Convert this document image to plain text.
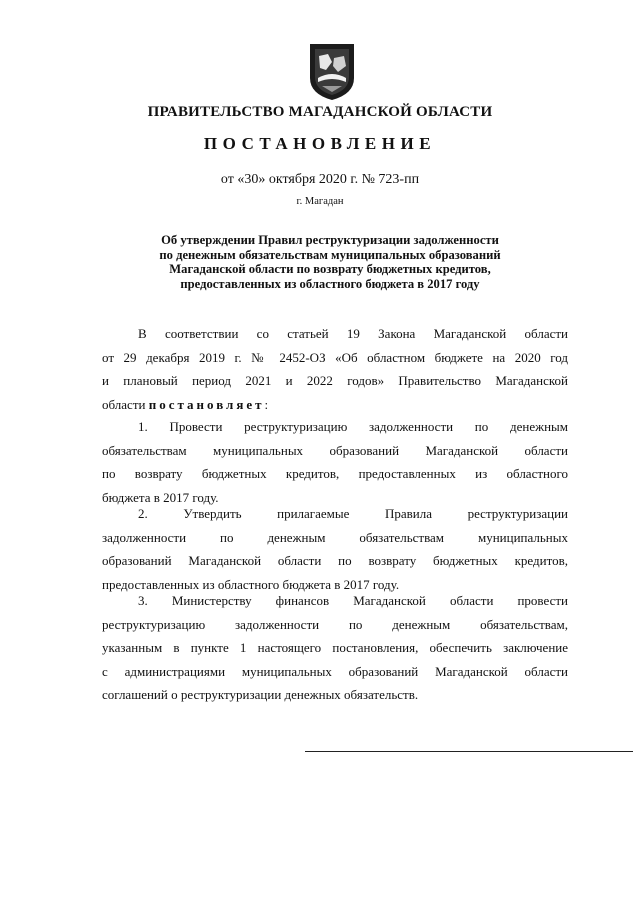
ПРАВИТЕЛЬСТВО МАГАДАНСКОЙ ОБЛАСТИ
ПОСТАНОВЛЕНИЕ
от «30» октября 2020 г. № 723-пп
г. Магадан
Об утверждении Правил реструктуризации задолженности
по денежным обязательствам муниципальных образований
Магаданской области по возврату бюджетных кредитов,
предоставленных из областного бюджета в 2017 году
В соответствии со статьей 19 Закона Магаданской области
от 29 декабря 2019 г. № 2452-ОЗ «Об областном бюджете на 2020 год
и плановый период 2021 и 2022 годов» Правительство Магаданской
области постановляет:
1. Провести реструктуризацию задолженности по денежным
обязательствам муниципальных образований Магаданской области
по возврату бюджетных кредитов, предоставленных из областного
бюджета в 2017 году.
2. Утвердить прилагаемые Правила реструктуризации
задолженности по денежным обязательствам муниципальных
образований Магаданской области по возврату бюджетных кредитов,
предоставленных из областного бюджета в 2017 году.
3. Министерству финансов Магаданской области провести
реструктуризацию задолженности по денежным обязательствам,
указанным в пункте 1 настоящего постановления, обеспечить заключение
с администрациями муниципальных образований Магаданской области
соглашений о реструктуризации денежных обязательств.
